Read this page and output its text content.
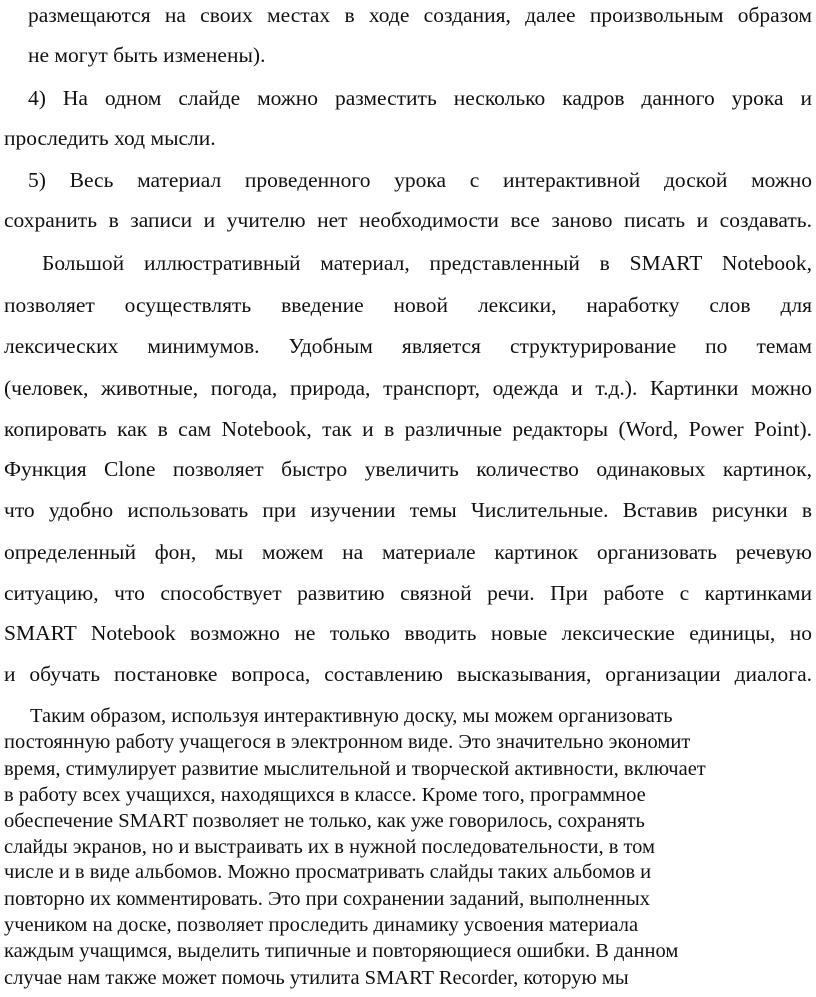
размещаются на своих местах в ходе создания, далее произвольным образом
не могут быть изменены).
4) На одном слайде можно разместить несколько кадров данного урока и
проследить ход мысли.
5) Весь материал проведенного урока с интерактивной доской можно
сохранить в записи и учителю нет необходимости все заново писать и создавать.
Большой иллюстративный материал, представленный в SMART Notebook,
позволяет осуществлять введение новой лексики, наработку слов для
лексических минимумов. Удобным является структурирование по темам
(человек, животные, погода, природа, транспорт, одежда и т.д.). Картинки можно
копировать как в сам Notebook, так и в различные редакторы (Word, Power Point).
Функция Clone позволяет быстро увеличить количество одинаковых картинок,
что удобно использовать при изучении темы Числительные. Вставив рисунки в
определенный фон, мы можем на материале картинок организовать речевую
ситуацию, что способствует развитию связной речи. При работе с картинками
SMART Notebook возможно не только вводить новые лексические единицы, но
и обучать постановке вопроса, составлению высказывания, организации диалога.
Таким образом, используя интерактивную доску, мы можем организовать
постоянную работу учащегося в электронном виде. Это значительно экономит
время, стимулирует развитие мыслительной и творческой активности, включает
в работу всех учащихся, находящихся в классе. Кроме того, программное
обеспечение SMART позволяет не только, как уже говорилось, сохранять
слайды экранов, но и выстраивать их в нужной последовательности, в том
числе и в виде альбомов. Можно просматривать слайды таких альбомов и
повторно их комментировать. Это при сохранении заданий, выполненных
учеником на доске, позволяет проследить динамику усвоения материала
каждым учащимся, выделить типичные и повторяющиеся ошибки. В данном
случае нам также может помочь утилита SMART Recorder, которую мы
